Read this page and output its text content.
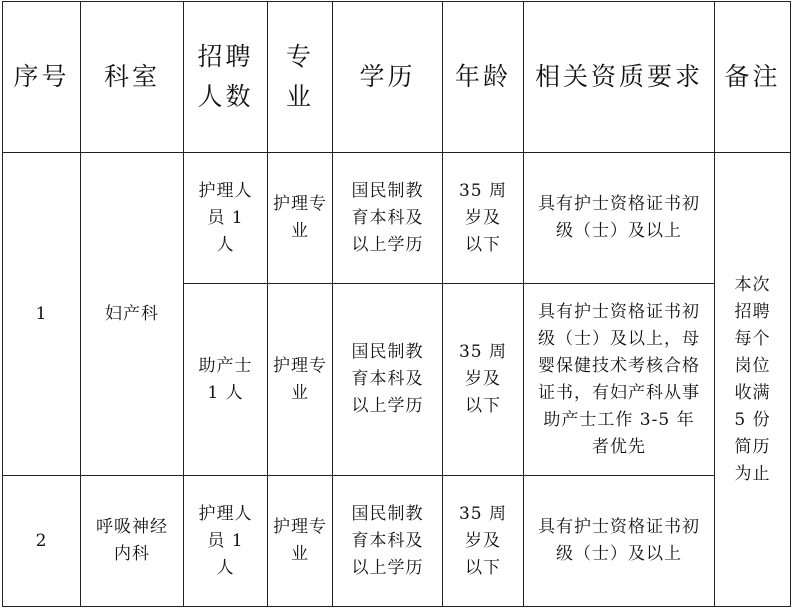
序号	科室	招聘人数	专业	学历	年龄	相关资质要求	备注
1	妇产科	护理人员 1 人	护理专业	国民制教育本科及以上学历	35 周岁及以下	具有护士资格证书初级（士）及以上	本次招聘每个岗位收满 5 份简历为止
		助产士 1 人	护理专业	国民制教育本科及以上学历	35 周岁及以下	具有护士资格证书初级（士）及以上，母婴保健技术考核合格证书，有妇产科从事助产士工作 3-5 年者优先	
2	呼吸神经内科	护理人员 1 人	护理专业	国民制教育本科及以上学历	35 周岁及以下	具有护士资格证书初级（士）及以上	
